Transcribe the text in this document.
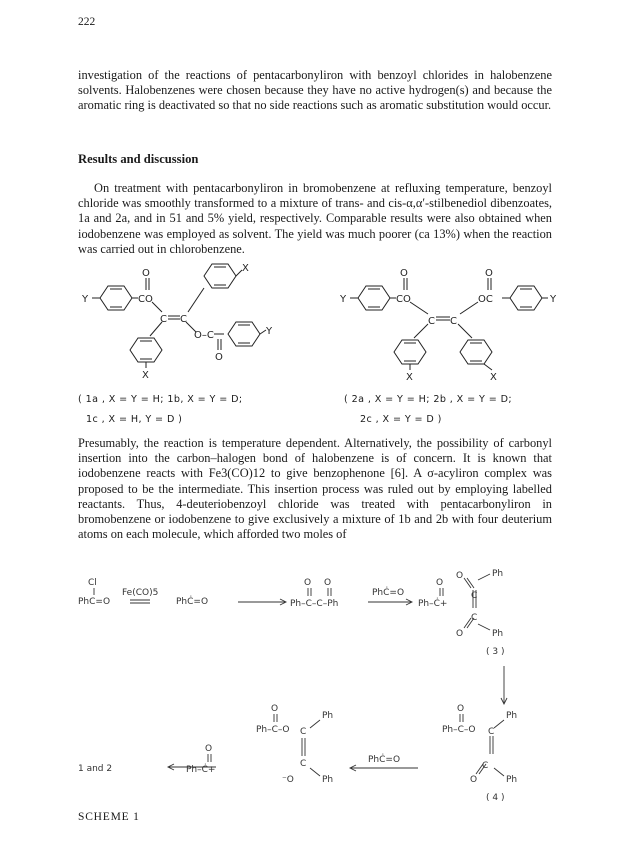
222

investigation of the reactions of pentacarbonyliron with benzoyl chlorides in halobenzene solvents. Halobenzenes were chosen because they have no active hydrogen(s) and because the aromatic ring is deactivated so that no side reactions such as aromatic substitution would occur.

Results and discussion

On treatment with pentacarbonyliron in bromobenzene at refluxing temperature, benzoyl chloride was smoothly transformed to a mixture of trans- and cis-α,α′-stilbenediol dibenzoates, 1a and 2a, and in 51 and 5% yield, respectively. Comparable results were also obtained when iodobenzene was employed as solvent. The yield was much poorer (ca 13%) when the reaction was carried out in chlorobenzene.

Y
O
CO
C C
X
O–C
O
Y
X
Y
O
CO
C C
O
OC	Y
X	X
( 1a , X = Y = H; 1b, X = Y = D;
1c , X = H, Y = D )
( 2a , X = Y = H; 2b , X = Y = D;
2c , X = Y = D )

Presumably, the reaction is temperature dependent. Alternatively, the possibility of carbonyl insertion into the carbon–halogen bond of halobenzene is of concern. It is known that iodobenzene reacts with Fe3(CO)12 to give benzophenone [6]. A σ-acyliron complex was proposed to be the intermediate. This insertion process was ruled out by employing labelled reactants. Thus, 4-deuteriobenzoyl chloride was treated with pentacarbonyliron in bromobenzene or iodobenzene to give exclusively a mixture of 1b and 2b with four deuterium atoms on each molecule, which afforded two moles of

Cl
PhC=O
Fe(CO)5
PhĊ=O
O O
Ph–C–C–Ph
PhĊ=O
O
Ph–Ċ+
O	Ph
C
C
O	Ph
( 3 )
O
Ph–C–O
Ph
C
C
O	Ph
( 4 )
PhĊ=O
O
Ph–C–O
Ph
C
C
⁻O	Ph
O
Ph–Ċ+
1 and 2
SCHEME 1
